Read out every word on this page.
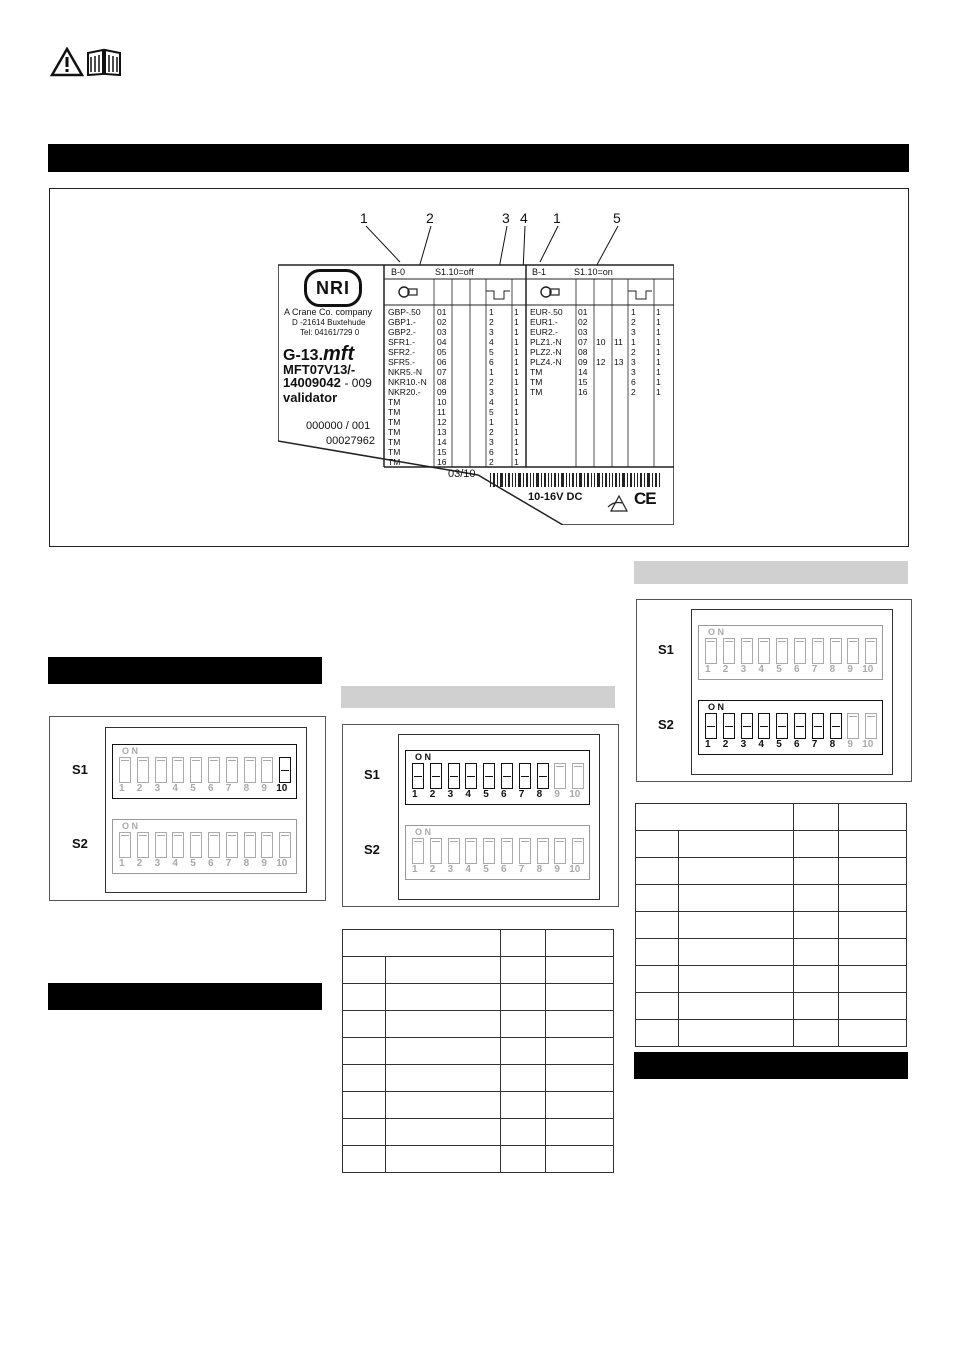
1	2	3 4 1	5
NRI
A Crane Co. company
D -21614 Buxtehude
Tel: 04161/729 0
G-13.mft
MFT07V13/-
14009042 - 009
validator
000000 / 001
00027962
B-0	S1.10=off	B-1	S1.10=on
GBP-.50 01	1 1
GBP1.- 02	2 1
GBP2.- 03	3 1
SFR1.-	04	4 1
SFR2.-	05	5 1
SFR5.-	06	6 1
NKR5.-N 07	1 1
NKR10.-N 08	2 1
NKR20.- 09	3 1
TM	10	4 1
TM	11	5 1
TM	12	1 1
TM	13	2 1
TM	14	3 1
TM	15	6 1
TM	16	2 1
EUR-.50 01	1 1
EUR1.- 02	2 1
EUR2.- 03	3 1
PLZ1.-N 07 10 11 1 1
PLZ2.-N 08	2 1
PLZ4.-N 09 12 13 3 1
TM	14	3 1
TM	15	6 1
TM	16	2 1
03/10
10-16V DC	CE
S1
S2
O N
1 2 3 4 5 6 7 8 9 10
O N
1 2 3 4 5 6 7 8 9 10
S1
S2
O N
1 2 3 4 5 6 7 8 9 10
O N
1 2 3 4 5 6 7 8 9 10

S1
S2
O N
1 2 3 4 5 6 7 8 9 10
O N
1 2 3 4 5 6 7 8 9 10
